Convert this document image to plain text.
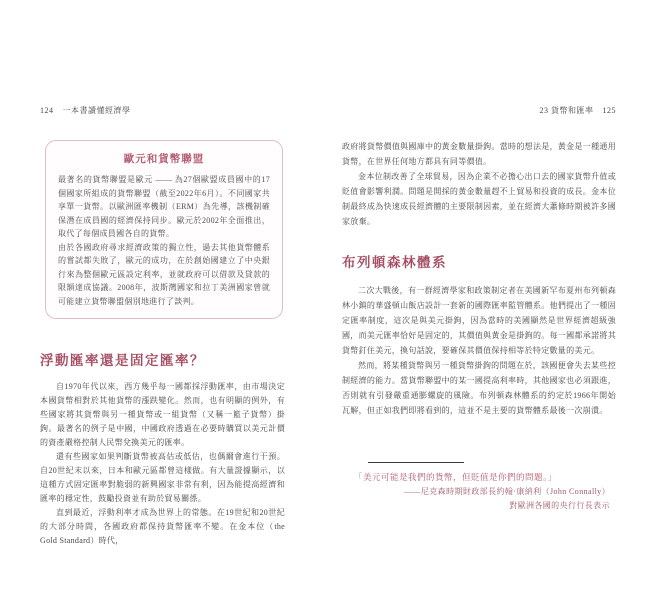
124 一本書讀懂經濟學
歐元和貨幣聯盟

最著名的貨幣聯盟是歐元 —— 為27個歐盟成員國中的17個國家所組成的貨幣聯盟（截至2022年6月）。不同國家共享單一貨幣。以歐洲匯率機制（ERM）為先導，該機制確保潛在成員國的經濟保持同步。歐元於2002年全面推出，取代了每個成員國各自的貨幣。

由於各國政府尋求經濟政策的獨立性，過去其他貨幣體系的嘗試都失敗了，歐元的成功，在於創始國建立了中央銀行來為整個歐元區設定利率，並就政府可以借款及貸款的限額達成協議。2008年，波斯灣國家和拉丁美洲國家曾就可能建立貨幣聯盟個別地進行了談判。

浮動匯率還是固定匯率？

自1970年代以來，西方幾乎每一國都採浮動匯率，由市場決定本國貨幣相對於其他貨幣的漲跌變化。然而，也有明顯的例外，有些國家將其貨幣與另一種貨幣或一組貨幣（又稱一籃子貨幣）掛鉤。最著名的例子是中國，中國政府透過在必要時購買以美元計價的資產嚴格控制人民幣兌換美元的匯率。

還有些國家如果判斷貨幣被高估或低估，也偶爾會進行干預。自20世紀末以來，日本和歐元區都曾這樣做。有大量證據顯示，以這種方式固定匯率對脆弱的新興國家非常有利，因為能提高經濟和匯率的穩定性，鼓勵投資並有助於貿易關係。

直到最近，浮動利率才成為世界上的常態。在19世紀和20世紀的大部分時間，各國政府都保持貨幣匯率不變。在金本位（the Gold Standard）時代，

23 貨幣和匯率 125

政府將貨幣價值與國庫中的黃金數量掛鉤。當時的想法是，黃金是一種通用貨幣，在世界任何地方都具有同等價值。

金本位制改善了全球貿易，因為企業不必擔心出口去的國家貨幣升值或貶值會影響利潤。問題是開採的黃金數量趕不上貿易和投資的成長。金本位制最終成為快速成長經濟體的主要限制因素，並在經濟大蕭條時期被許多國家放棄。

布列頓森林體系

二次大戰後，有一群經濟學家和政策制定者在美國新罕布夏州布列頓森林小鎮的華盛頓山飯店設計一套新的國際匯率監管體系。他們提出了一種固定匯率制度，這次是與美元掛鉤，因為當時的美國顯然是世界經濟超級強國，而美元匯率恰好是固定的，其價值與黃金是掛鉤的。每一國都承諾將其貨幣釘住美元，換句話說，要確保其價值保持相等於特定數量的美元。

然而，將某種貨幣與另一種貨幣掛鉤的問題在於，該國便會失去某些控制經濟的能力。當貨幣聯盟中的某一國提高利率時，其他國家也必須跟進，否則就有引發嚴重通膨螺旋的風險。布列頓森林體系的約定於1966年開始瓦解，但正如我們即將看到的，這並不是主要的貨幣體系最後一次崩潰。

「美元可能是我們的貨幣，但貶值是你們的問題。」

——尼克森時期財政部長約翰·康納利（John Connally）

對歐洲各國的央行行長表示
